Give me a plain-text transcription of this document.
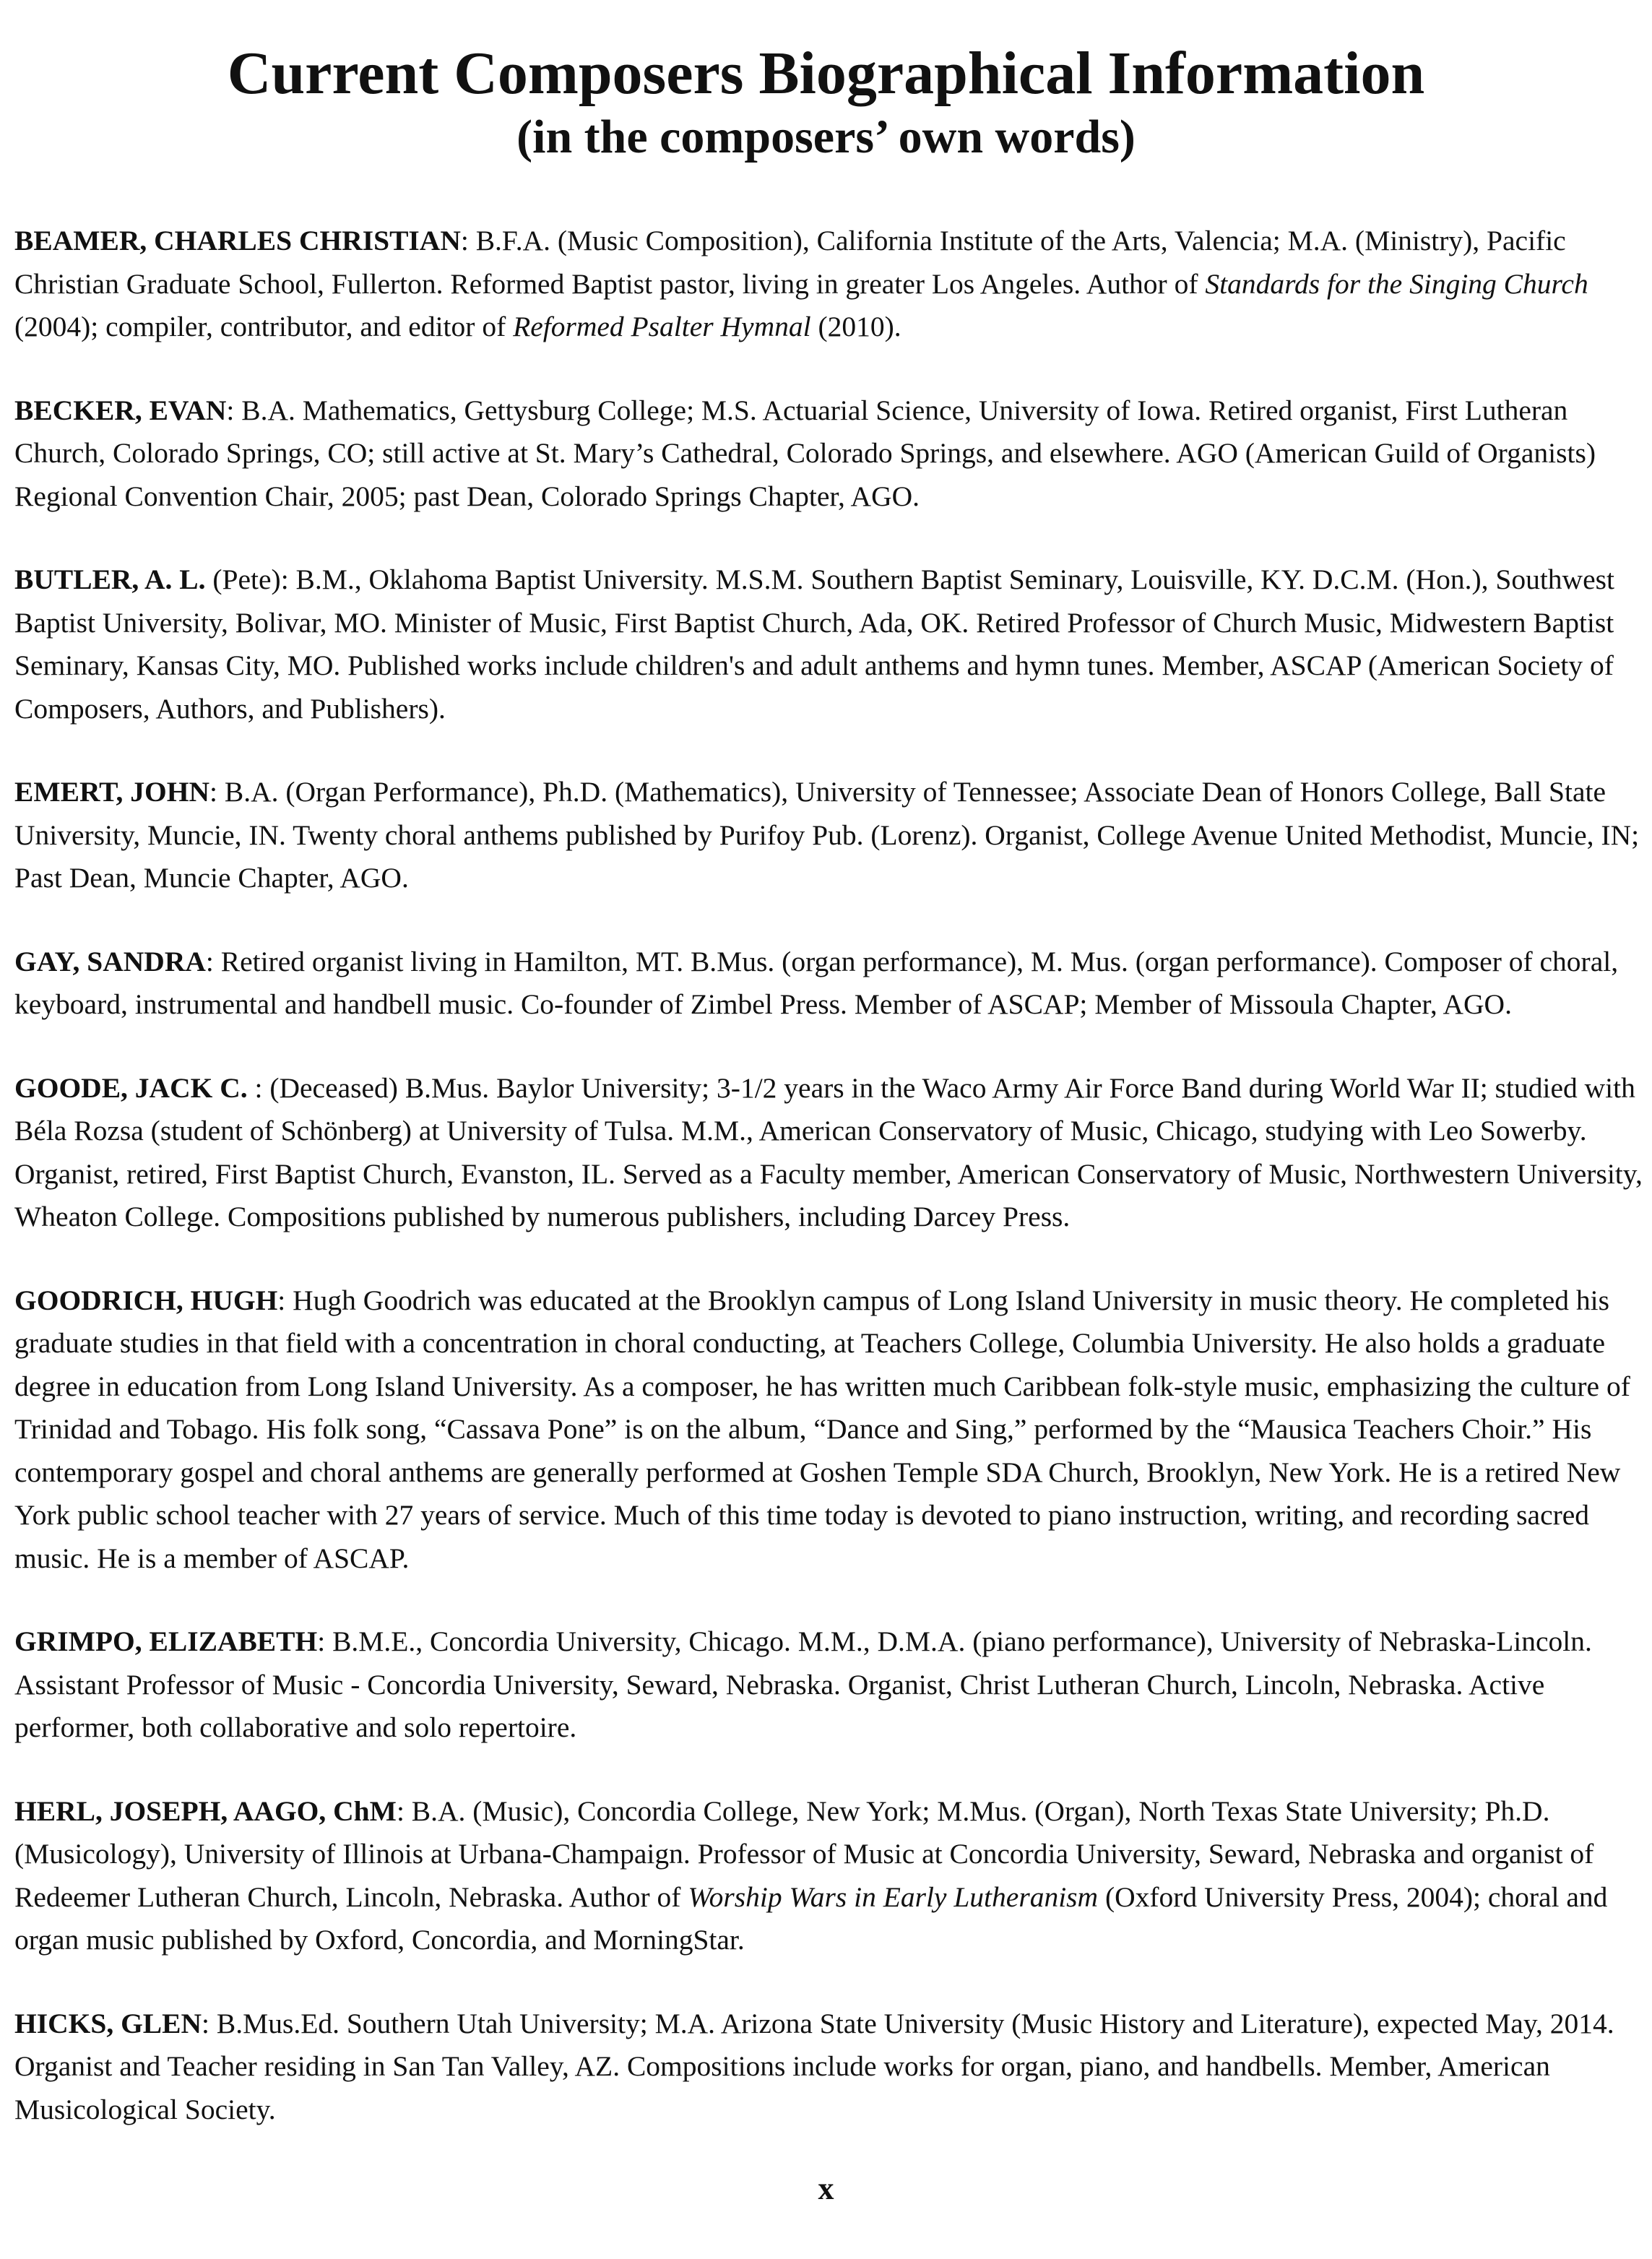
Current Composers Biographical Information
(in the composers’ own words)

BEAMER, CHARLES CHRISTIAN: B.F.A. (Music Composition), California Institute of the Arts, Valencia; M.A. (Ministry), Pacific Christian Graduate School, Fullerton. Reformed Baptist pastor, living in greater Los Angeles. Author of Standards for the Singing Church (2004); compiler, contributor, and editor of Reformed Psalter Hymnal (2010).

BECKER, EVAN: B.A. Mathematics, Gettysburg College; M.S. Actuarial Science, University of Iowa. Retired organist, First Lutheran Church, Colorado Springs, CO; still active at St. Mary’s Cathedral, Colorado Springs, and elsewhere. AGO (American Guild of Organists) Regional Convention Chair, 2005; past Dean, Colorado Springs Chapter, AGO.

BUTLER, A. L. (Pete): B.M., Oklahoma Baptist University. M.S.M. Southern Baptist Seminary, Louisville, KY. D.C.M. (Hon.), Southwest Baptist University, Bolivar, MO. Minister of Music, First Baptist Church, Ada, OK. Retired Professor of Church Music, Midwestern Baptist Seminary, Kansas City, MO. Published works include children's and adult anthems and hymn tunes. Member, ASCAP (American Society of Composers, Authors, and Publishers).

EMERT, JOHN: B.A. (Organ Performance), Ph.D. (Mathematics), University of Tennessee; Associate Dean of Honors College, Ball State University, Muncie, IN. Twenty choral anthems published by Purifoy Pub. (Lorenz). Organist, College Avenue United Methodist, Muncie, IN; Past Dean, Muncie Chapter, AGO.

GAY, SANDRA: Retired organist living in Hamilton, MT. B.Mus. (organ performance), M. Mus. (organ performance). Composer of choral, keyboard, instrumental and handbell music. Co-founder of Zimbel Press. Member of ASCAP; Member of Missoula Chapter, AGO.

GOODE, JACK C. : (Deceased) B.Mus. Baylor University; 3-1/2 years in the Waco Army Air Force Band during World War II; studied with Béla Rozsa (student of Schönberg) at University of Tulsa. M.M., American Conservatory of Music, Chicago, studying with Leo Sowerby. Organist, retired, First Baptist Church, Evanston, IL. Served as a Faculty member, American Conservatory of Music, Northwestern University, Wheaton College. Compositions published by numerous publishers, including Darcey Press.

GOODRICH, HUGH: Hugh Goodrich was educated at the Brooklyn campus of Long Island University in music theory. He completed his graduate studies in that field with a concentration in choral conducting, at Teachers College, Columbia University. He also holds a graduate degree in education from Long Island University. As a composer, he has written much Caribbean folk-style music, emphasizing the culture of Trinidad and Tobago. His folk song, “Cassava Pone” is on the album, “Dance and Sing,” performed by the “Mausica Teachers Choir.” His contemporary gospel and choral anthems are generally performed at Goshen Temple SDA Church, Brooklyn, New York. He is a retired New York public school teacher with 27 years of service. Much of this time today is devoted to piano instruction, writing, and recording sacred music. He is a member of ASCAP.

GRIMPO, ELIZABETH: B.M.E., Concordia University, Chicago. M.M., D.M.A. (piano performance), University of Nebraska-Lincoln. Assistant Professor of Music - Concordia University, Seward, Nebraska. Organist, Christ Lutheran Church, Lincoln, Nebraska. Active performer, both collaborative and solo repertoire.

HERL, JOSEPH, AAGO, ChM: B.A. (Music), Concordia College, New York; M.Mus. (Organ), North Texas State University; Ph.D. (Musicology), University of Illinois at Urbana-Champaign. Professor of Music at Concordia University, Seward, Nebraska and organist of Redeemer Lutheran Church, Lincoln, Nebraska. Author of Worship Wars in Early Lutheranism (Oxford University Press, 2004); choral and organ music published by Oxford, Concordia, and MorningStar.

HICKS, GLEN: B.Mus.Ed. Southern Utah University; M.A. Arizona State University (Music History and Literature), expected May, 2014. Organist and Teacher residing in San Tan Valley, AZ. Compositions include works for organ, piano, and handbells. Member, American Musicological Society.

x
